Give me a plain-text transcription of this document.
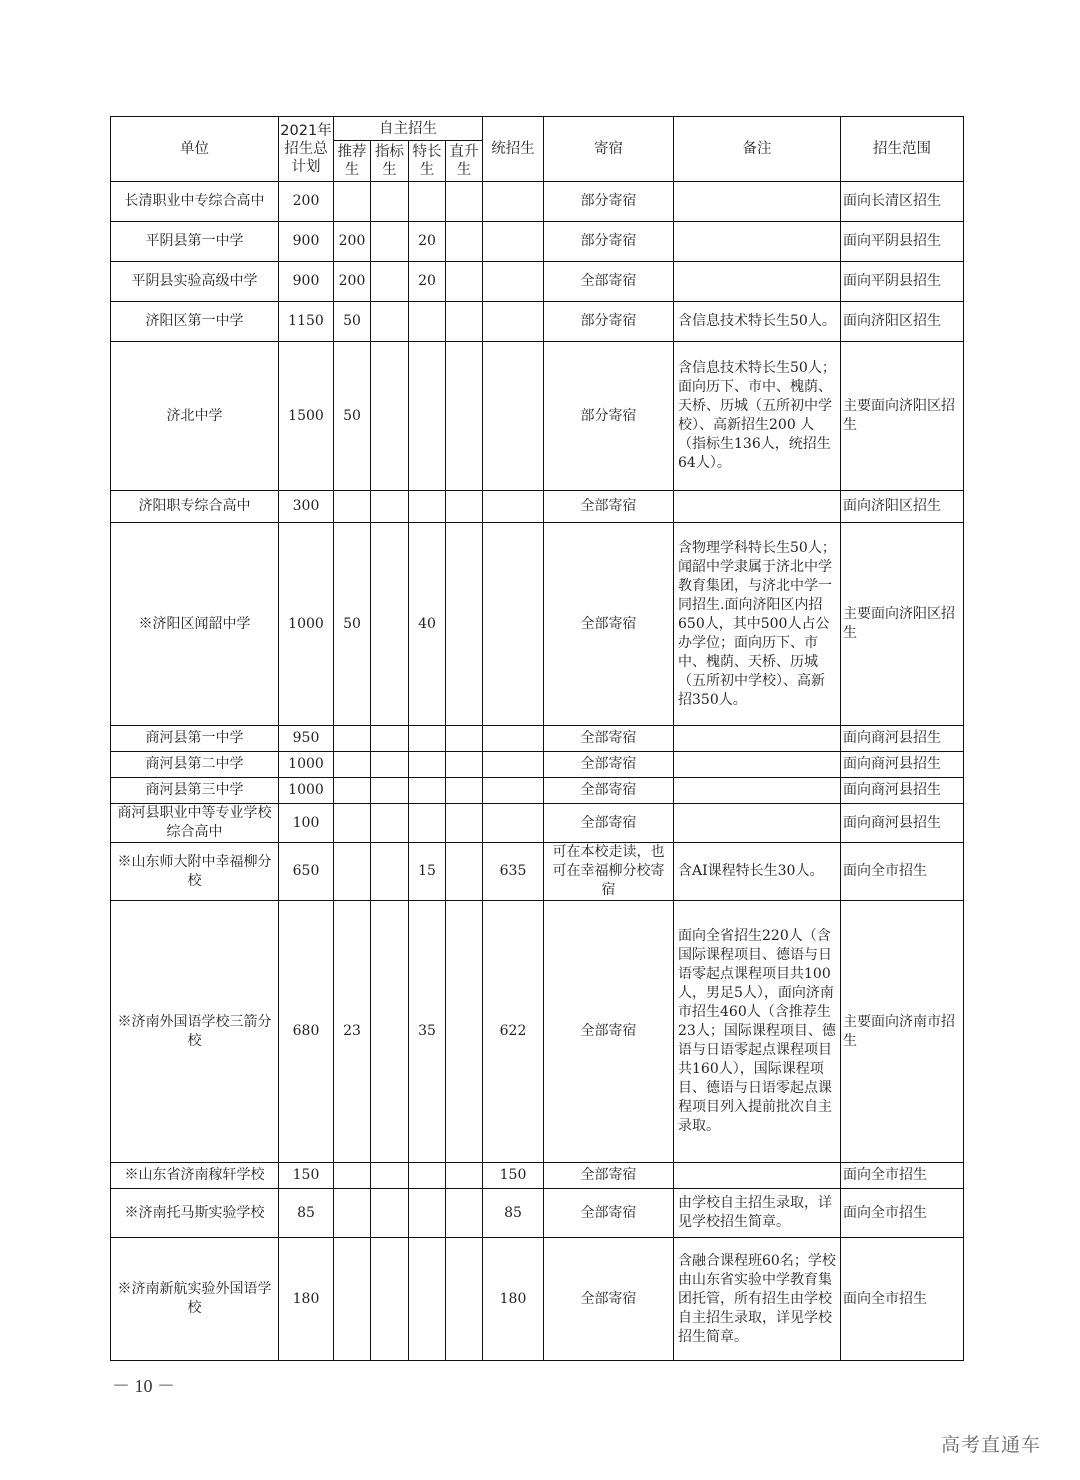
单位	2021年招生总计划	自主招生				统招生	寄宿	备注	招生范围
		推荐生	指标生	特长生	直升生				
长清职业中专综合高中	200						部分寄宿		面向长清区招生
平阴县第一中学	900	200		20			部分寄宿		面向平阴县招生
平阴县实验高级中学	900	200		20			全部寄宿		面向平阴县招生
济阳区第一中学	1150	50					部分寄宿	含信息技术特长生50人。	面向济阳区招生
济北中学	1500	50					部分寄宿	含信息技术特长生50人；面向历下、市中、槐荫、天桥、历城（五所初中学校）、高新招生200 人（指标生136人，统招生64人）。	主要面向济阳区招生
济阳职专综合高中	300						全部寄宿		面向济阳区招生
※济阳区闻韶中学	1000	50		40			全部寄宿	含物理学科特长生50人；闻韶中学隶属于济北中学教育集团，与济北中学一同招生.面向济阳区内招650人，其中500人占公办学位；面向历下、市中、槐荫、天桥、历城（五所初中学校）、高新招350人。	主要面向济阳区招生
商河县第一中学	950						全部寄宿		面向商河县招生
商河县第二中学	1000						全部寄宿		面向商河县招生
商河县第三中学	1000						全部寄宿		面向商河县招生
商河县职业中等专业学校综合高中	100						全部寄宿		面向商河县招生
※山东师大附中幸福柳分校	650			15		635	可在本校走读，也可在幸福柳分校寄宿	含AI课程特长生30人。	面向全市招生
※济南外国语学校三箭分校	680	23		35		622	全部寄宿	面向全省招生220人（含国际课程项目、德语与日语零起点课程项目共100人，男足5人），面向济南市招生460人（含推荐生23人；国际课程项目、德语与日语零起点课程项目共160人），国际课程项目、德语与日语零起点课程项目列入提前批次自主录取。	主要面向济南市招生
※山东省济南稼轩学校	150					150	全部寄宿		面向全市招生
※济南托马斯实验学校	85					85	全部寄宿	由学校自主招生录取，详见学校招生简章。	面向全市招生
※济南新航实验外国语学校	180					180	全部寄宿	含融合课程班60名；学校由山东省实验中学教育集团托管，所有招生由学校自主招生录取，详见学校招生简章。	面向全市招生
－ 10 －
高考直通车
